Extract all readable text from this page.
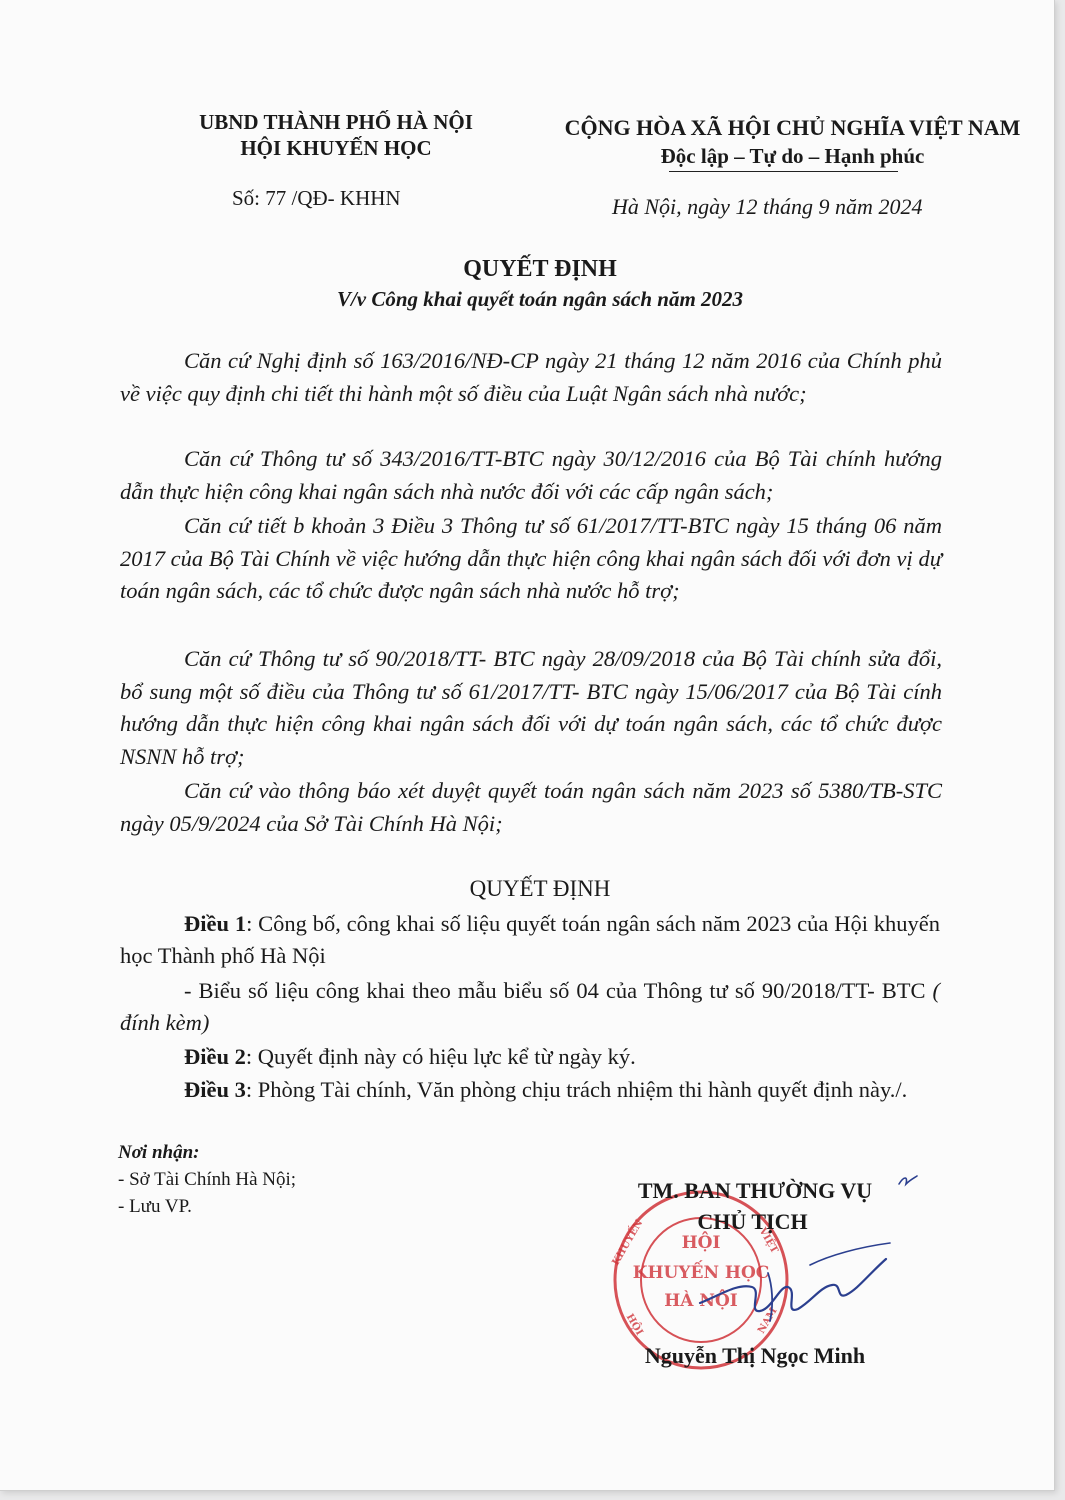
UBND THÀNH PHỐ HÀ NỘI
HỘI KHUYẾN HỌC
Số: 77 /QĐ- KHHN
CỘNG HÒA XÃ HỘI CHỦ NGHĨA VIỆT NAM
Độc lập – Tự do – Hạnh phúc
Hà Nội, ngày 12 tháng 9 năm 2024
QUYẾT ĐỊNH
V/v Công khai quyết toán ngân sách năm 2023
Căn cứ Nghị định số 163/2016/NĐ-CP ngày 21 tháng 12 năm 2016 của Chính phủ về việc quy định chi tiết thi hành một số điều của Luật Ngân sách nhà nước;
Căn cứ Thông tư số 343/2016/TT-BTC ngày 30/12/2016 của Bộ Tài chính hướng dẫn thực hiện công khai ngân sách nhà nước đối với các cấp ngân sách;
Căn cứ tiết b khoản 3 Điều 3 Thông tư số 61/2017/TT-BTC ngày 15 tháng 06 năm 2017 của Bộ Tài Chính về việc hướng dẫn thực hiện công khai ngân sách đối với đơn vị dự toán ngân sách, các tổ chức được ngân sách nhà nước hỗ trợ;
Căn cứ Thông tư số 90/2018/TT- BTC ngày 28/09/2018 của Bộ Tài chính sửa đổi, bổ sung một số điều của Thông tư số 61/2017/TT- BTC ngày 15/06/2017 của Bộ Tài cính hướng dẫn thực hiện công khai ngân sách đối với dự toán ngân sách, các tổ chức được NSNN hỗ trợ;
Căn cứ vào thông báo xét duyệt quyết toán ngân sách năm 2023 số 5380/TB-STC ngày 05/9/2024 của Sở Tài Chính Hà Nội;
QUYẾT ĐỊNH
Điều 1: Công bố, công khai số liệu quyết toán ngân sách năm 2023 của Hội khuyến học Thành phố Hà Nội
- Biểu số liệu công khai theo mẫu biểu số 04 của Thông tư số 90/2018/TT- BTC ( đính kèm)
Điều 2: Quyết định này có hiệu lực kể từ ngày ký.
Điều 3: Phòng Tài chính, Văn phòng chịu trách nhiệm thi hành quyết định này./.
Nơi nhận:
- Sở Tài Chính Hà Nội;
- Lưu VP.
HỘI
KHUYẾN HỌC
HÀ NỘI
KHUYẾN	VIỆT
NAM
HỘI
TM. BAN THƯỜNG VỤ
CHỦ TỊCH
Nguyễn Thị Ngọc Minh
